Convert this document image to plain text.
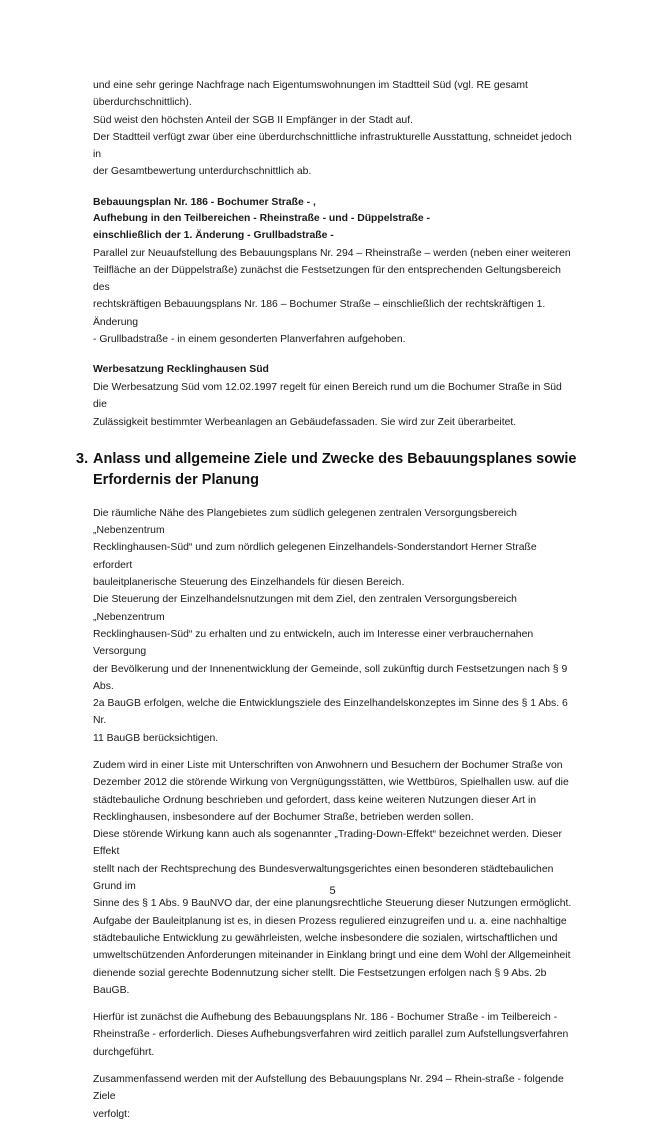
und eine sehr geringe Nachfrage nach Eigentumswohnungen im Stadtteil Süd (vgl. RE gesamt
überdurchschnittlich).

Süd weist den höchsten Anteil der SGB II Empfänger in der Stadt auf.

Der Stadtteil verfügt zwar über eine überdurchschnittliche infrastrukturelle Ausstattung, schneidet jedoch in
der Gesamtbewertung unterdurchschnittlich ab.

Bebauungsplan Nr. 186 - Bochumer Straße - ,
Aufhebung in den Teilbereichen - Rheinstraße - und - Düppelstraße -
einschließlich der 1. Änderung - Grullbadstraße -

Parallel zur Neuaufstellung des Bebauungsplans Nr. 294 – Rheinstraße – werden (neben einer weiteren
Teilfläche an der Düppelstraße) zunächst die Festsetzungen für den entsprechenden Geltungsbereich des
rechtskräftigen Bebauungsplans Nr. 186 – Bochumer Straße – einschließlich der rechtskräftigen 1. Änderung
- Grullbadstraße - in einem gesonderten Planverfahren aufgehoben.

Werbesatzung Recklinghausen Süd

Die Werbesatzung Süd vom 12.02.1997 regelt für einen Bereich rund um die Bochumer Straße in Süd die
Zulässigkeit bestimmter Werbeanlagen an Gebäudefassaden. Sie wird zur Zeit überarbeitet.

3. Anlass und allgemeine Ziele und Zwecke des Bebauungsplanes sowie
Erfordernis der Planung

Die räumliche Nähe des Plangebietes zum südlich gelegenen zentralen Versorgungsbereich „Nebenzentrum
Recklinghausen-Süd“ und zum nördlich gelegenen Einzelhandels-Sonderstandort Herner Straße erfordert
bauleitplanerische Steuerung des Einzelhandels für diesen Bereich.

Die Steuerung der Einzelhandelsnutzungen mit dem Ziel, den zentralen Versorgungsbereich „Nebenzentrum
Recklinghausen-Süd“ zu erhalten und zu entwickeln, auch im Interesse einer verbrauchernahen Versorgung
der Bevölkerung und der Innenentwicklung der Gemeinde, soll zukünftig durch Festsetzungen nach § 9 Abs.
2a BauGB erfolgen, welche die Entwicklungsziele des Einzelhandelskonzeptes im Sinne des § 1 Abs. 6 Nr.
11 BauGB berücksichtigen.

Zudem wird in einer Liste mit Unterschriften von Anwohnern und Besuchern der Bochumer Straße von
Dezember 2012 die störende Wirkung von Vergnügungsstätten, wie Wettbüros, Spielhallen usw. auf die
städtebauliche Ordnung beschrieben und gefordert, dass keine weiteren Nutzungen dieser Art in
Recklinghausen, insbesondere auf der Bochumer Straße, betrieben werden sollen.

Diese störende Wirkung kann auch als sogenannter „Trading-Down-Effekt“ bezeichnet werden. Dieser Effekt
stellt nach der Rechtsprechung des Bundesverwaltungsgerichtes einen besonderen städtebaulichen Grund im
Sinne des § 1 Abs. 9 BauNVO dar, der eine planungsrechtliche Steuerung dieser Nutzungen ermöglicht.

Aufgabe der Bauleitplanung ist es, in diesen Prozess reguliered einzugreifen und u. a. eine nachhaltige
städtebauliche Entwicklung zu gewährleisten, welche insbesondere die sozialen, wirtschaftlichen und
umweltschützenden Anforderungen miteinander in Einklang bringt und eine dem Wohl der Allgemeinheit
dienende sozial gerechte Bodennutzung sicher stellt. Die Festsetzungen erfolgen nach § 9 Abs. 2b BauGB.

Hierfür ist zunächst die Aufhebung des Bebauungsplans Nr. 186 - Bochumer Straße - im Teilbereich -
Rheinstraße - erforderlich. Dieses Aufhebungsverfahren wird zeitlich parallel zum Aufstellungsverfahren
durchgeführt.

Zusammenfassend werden mit der Aufstellung des Bebauungsplans Nr. 294 – Rhein-straße - folgende Ziele
verfolgt:

5
